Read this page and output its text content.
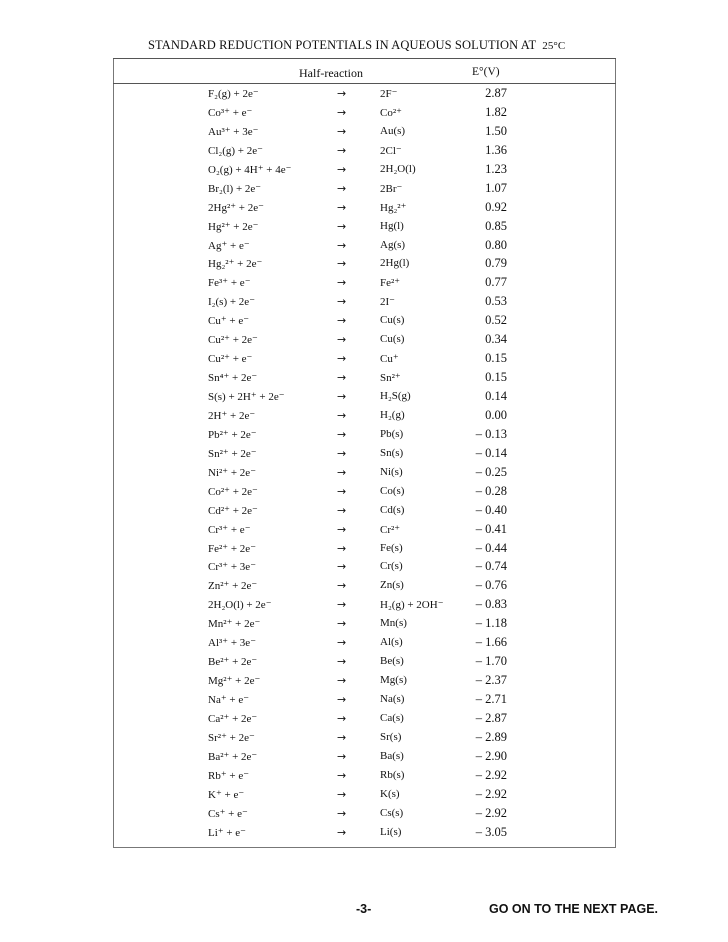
STANDARD REDUCTION POTENTIALS IN AQUEOUS SOLUTION AT 25°C
Half-reaction	E°(V)
F₂(g) + 2e⁻	→	2F⁻	2.87
Co³⁺ + e⁻	→	Co²⁺	1.82
Au³⁺ + 3e⁻	→	Au(s)	1.50
Cl₂(g) + 2e⁻	→	2Cl⁻	1.36
O₂(g) + 4H⁺ + 4e⁻	→	2H₂O(l)	1.23
Br₂(l) + 2e⁻	→	2Br⁻	1.07
2Hg²⁺ + 2e⁻	→	Hg₂²⁺	0.92
Hg²⁺ + 2e⁻	→	Hg(l)	0.85
Ag⁺ + e⁻	→	Ag(s)	0.80
Hg₂²⁺ + 2e⁻	→	2Hg(l)	0.79
Fe³⁺ + e⁻	→	Fe²⁺	0.77
I₂(s) + 2e⁻	→	2I⁻	0.53
Cu⁺ + e⁻	→	Cu(s)	0.52
Cu²⁺ + 2e⁻	→	Cu(s)	0.34
Cu²⁺ + e⁻	→	Cu⁺	0.15
Sn⁴⁺ + 2e⁻	→	Sn²⁺	0.15
S(s) + 2H⁺ + 2e⁻	→	H₂S(g)	0.14
2H⁺ + 2e⁻	→	H₂(g)	0.00
Pb²⁺ + 2e⁻	→	Pb(s)	– 0.13
Sn²⁺ + 2e⁻	→	Sn(s)	– 0.14
Ni²⁺ + 2e⁻	→	Ni(s)	– 0.25
Co²⁺ + 2e⁻	→	Co(s)	– 0.28
Cd²⁺ + 2e⁻	→	Cd(s)	– 0.40
Cr³⁺ + e⁻	→	Cr²⁺	– 0.41
Fe²⁺ + 2e⁻	→	Fe(s)	– 0.44
Cr³⁺ + 3e⁻	→	Cr(s)	– 0.74
Zn²⁺ + 2e⁻	→	Zn(s)	– 0.76
2H₂O(l) + 2e⁻	→	H₂(g) + 2OH⁻	– 0.83
Mn²⁺ + 2e⁻	→	Mn(s)	– 1.18
Al³⁺ + 3e⁻	→	Al(s)	– 1.66
Be²⁺ + 2e⁻	→	Be(s)	– 1.70
Mg²⁺ + 2e⁻	→	Mg(s)	– 2.37
Na⁺ + e⁻	→	Na(s)	– 2.71
Ca²⁺ + 2e⁻	→	Ca(s)	– 2.87
Sr²⁺ + 2e⁻	→	Sr(s)	– 2.89
Ba²⁺ + 2e⁻	→	Ba(s)	– 2.90
Rb⁺ + e⁻	→	Rb(s)	– 2.92
K⁺ + e⁻	→	K(s)	– 2.92
Cs⁺ + e⁻	→	Cs(s)	– 2.92
Li⁺ + e⁻	→	Li(s)	– 3.05
-3-	GO ON TO THE NEXT PAGE.
